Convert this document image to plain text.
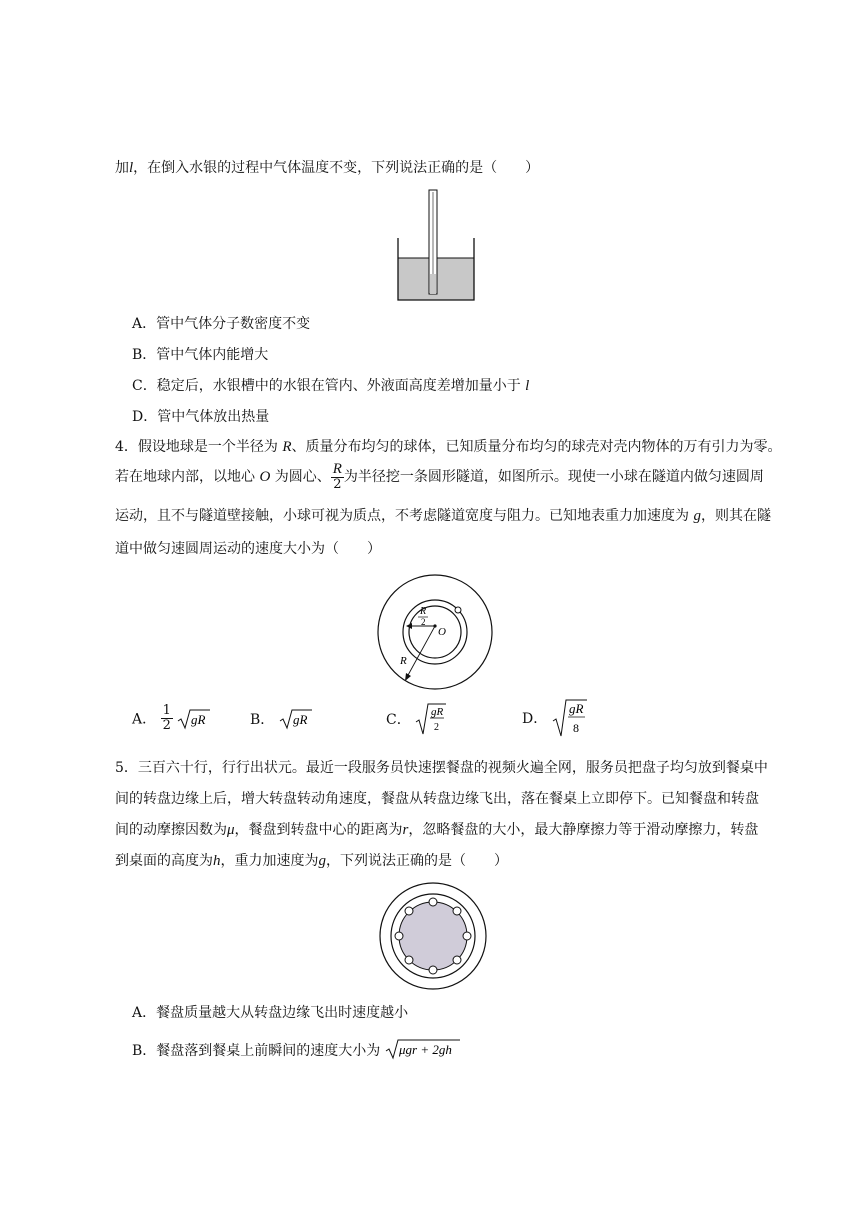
加l，在倒入水银的过程中气体温度不变，下列说法正确的是（　　）
A．管中气体分子数密度不变
B．管中气体内能增大
C．稳定后，水银槽中的水银在管内、外液面高度差增加量小于 l
D．管中气体放出热量
4．假设地球是一个半径为 R、质量分布均匀的球体，已知质量分布均匀的球壳对壳内物体的万有引力为零。
若在地球内部，以地心 O 为圆心、 $\frac{R}{2}$ 为半径挖一条圆形隧道，如图所示。现使一小球在隧道内做匀速圆周
运动，且不与隧道壁接触，小球可视为质点，不考虑隧道宽度与阻力。已知地表重力加速度为 g，则其在隧
道中做匀速圆周运动的速度大小为（　　）
R
2
O
R
A． $\frac{1}{2}$
gR	B． gR	C． gR
2
D．
gR
8
5．三百六十行，行行出状元。最近一段服务员快速摆餐盘的视频火遍全网，服务员把盘子均匀放到餐桌中
间的转盘边缘上后，增大转盘转动角速度，餐盘从转盘边缘飞出，落在餐桌上立即停下。已知餐盘和转盘
间的动摩擦因数为μ，餐盘到转盘中心的距离为r，忽略餐盘的大小，最大静摩擦力等于滑动摩擦力，转盘
到桌面的高度为h，重力加速度为g，下列说法正确的是（　　）
A．餐盘质量越大从转盘边缘飞出时速度越小
B．餐盘落到餐桌上前瞬间的速度大小为 μgr + 2gh
